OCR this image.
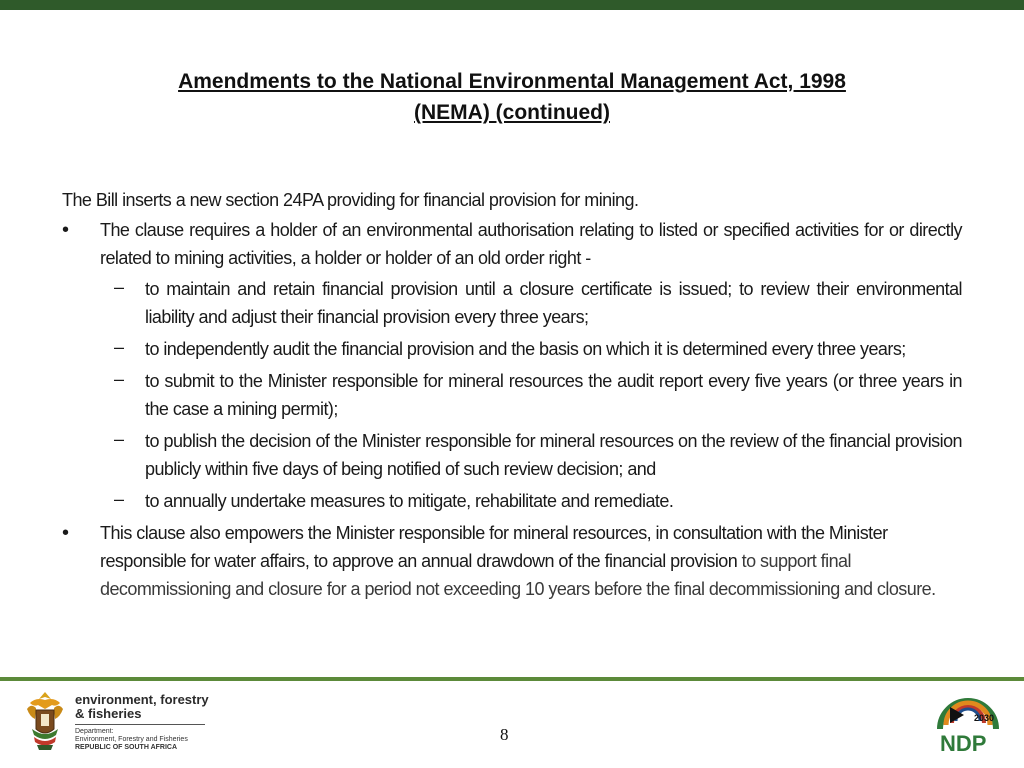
Amendments to the National Environmental Management Act, 1998
(NEMA) (continued)

The Bill inserts a new section 24PA providing for financial provision for mining.

•	The clause requires a holder of an environmental authorisation relating to listed or specified activities for or directly related to mining activities, a holder or holder of an old order right -
– to maintain and retain financial provision until a closure certificate is issued; to review their environmental liability and adjust their financial provision every three years;
– to independently audit the financial provision and the basis on which it is determined every three years;
– to submit to the Minister responsible for mineral resources the audit report every five years (or three years in the case a mining permit);
– to publish the decision of the Minister responsible for mineral resources on the review of the financial provision publicly within five days of being notified of such review decision; and
– to annually undertake measures to mitigate, rehabilitate and remediate.
•	This clause also empowers the Minister responsible for mineral resources, in consultation with the Minister responsible for water affairs, to approve an annual drawdown of the financial provision to support final decommissioning and closure for a period not exceeding 10 years before the final decommissioning and closure.
environment, forestry
& fisheries
Department:
Environment, Forestry and Fisheries
REPUBLIC OF SOUTH AFRICA
8
2030
NDP
